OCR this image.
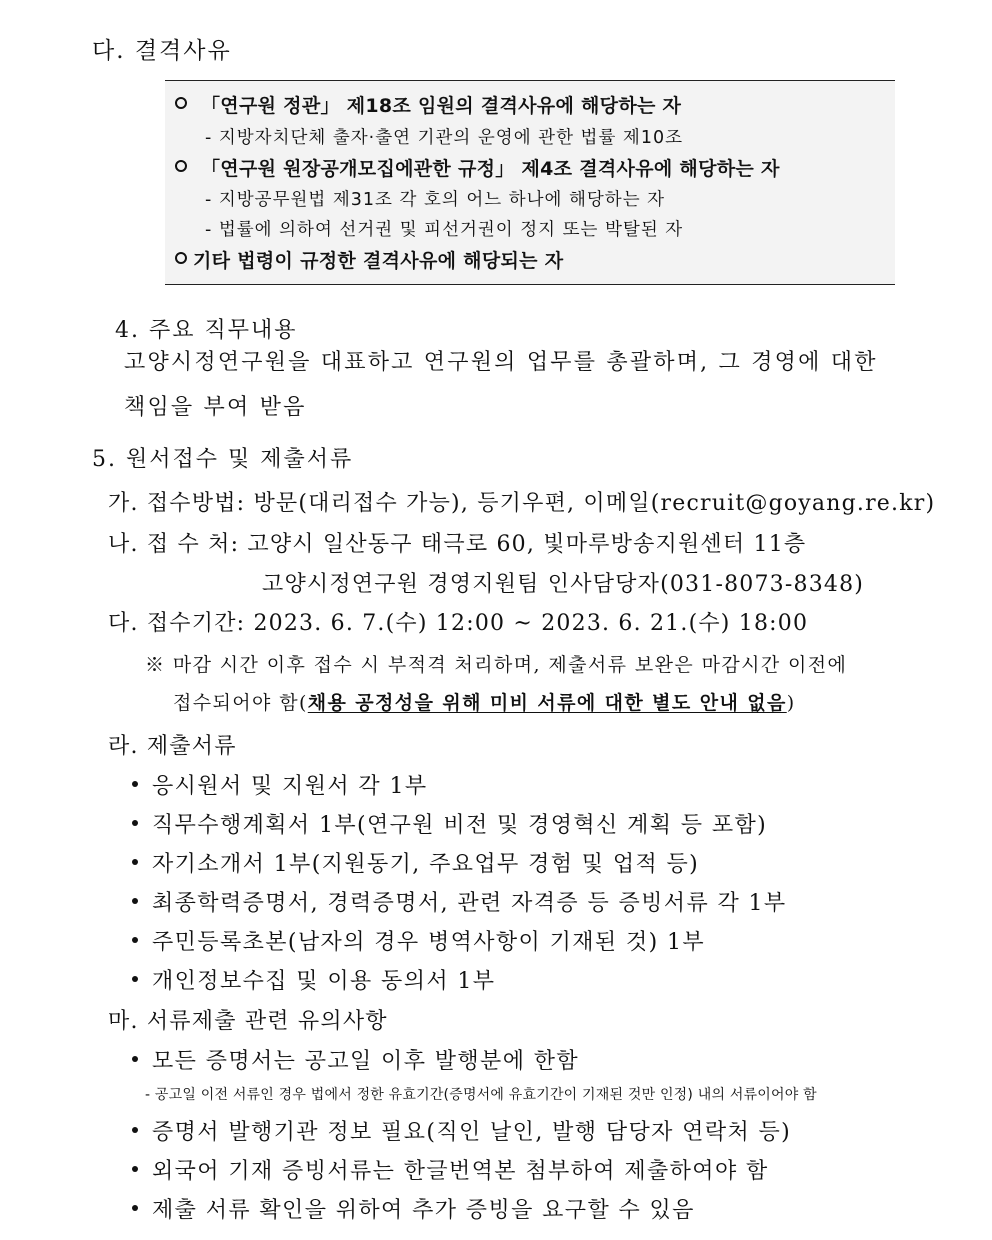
다. 결격사유
「연구원 정관」 제18조 임원의 결격사유에 해당하는 자
- 지방자치단체 출자·출연 기관의 운영에 관한 법률 제10조
「연구원 원장공개모집에관한 규정」 제4조 결격사유에 해당하는 자
- 지방공무원법 제31조 각 호의 어느 하나에 해당하는 자
- 법률에 의하여 선거권 및 피선거권이 정지 또는 박탈된 자
기타 법령이 규정한 결격사유에 해당되는 자
4. 주요 직무내용
고양시정연구원을 대표하고 연구원의 업무를 총괄하며, 그 경영에 대한
책임을 부여 받음
5. 원서접수 및 제출서류
가. 접수방법: 방문(대리접수 가능), 등기우편, 이메일(recruit@goyang.re.kr)
나. 접 수 처: 고양시 일산동구 태극로 60, 빛마루방송지원센터 11층
고양시정연구원 경영지원팀 인사담당자(031-8073-8348)
다. 접수기간: 2023. 6. 7.(수) 12:00 ~ 2023. 6. 21.(수) 18:00
※ 마감 시간 이후 접수 시 부적격 처리하며, 제출서류 보완은 마감시간 이전에
접수되어야 함(채용 공정성을 위해 미비 서류에 대한 별도 안내 없음)
라. 제출서류
응시원서 및 지원서 각 1부
직무수행계획서 1부(연구원 비전 및 경영혁신 계획 등 포함)
자기소개서 1부(지원동기, 주요업무 경험 및 업적 등)
최종학력증명서, 경력증명서, 관련 자격증 등 증빙서류 각 1부
주민등록초본(남자의 경우 병역사항이 기재된 것) 1부
개인정보수집 및 이용 동의서 1부
마. 서류제출 관련 유의사항
모든 증명서는 공고일 이후 발행분에 한함
- 공고일 이전 서류인 경우 법에서 정한 유효기간(증명서에 유효기간이 기재된 것만 인정) 내의 서류이어야 함
증명서 발행기관 정보 필요(직인 날인, 발행 담당자 연락처 등)
외국어 기재 증빙서류는 한글번역본 첨부하여 제출하여야 함
제출 서류 확인을 위하여 추가 증빙을 요구할 수 있음
